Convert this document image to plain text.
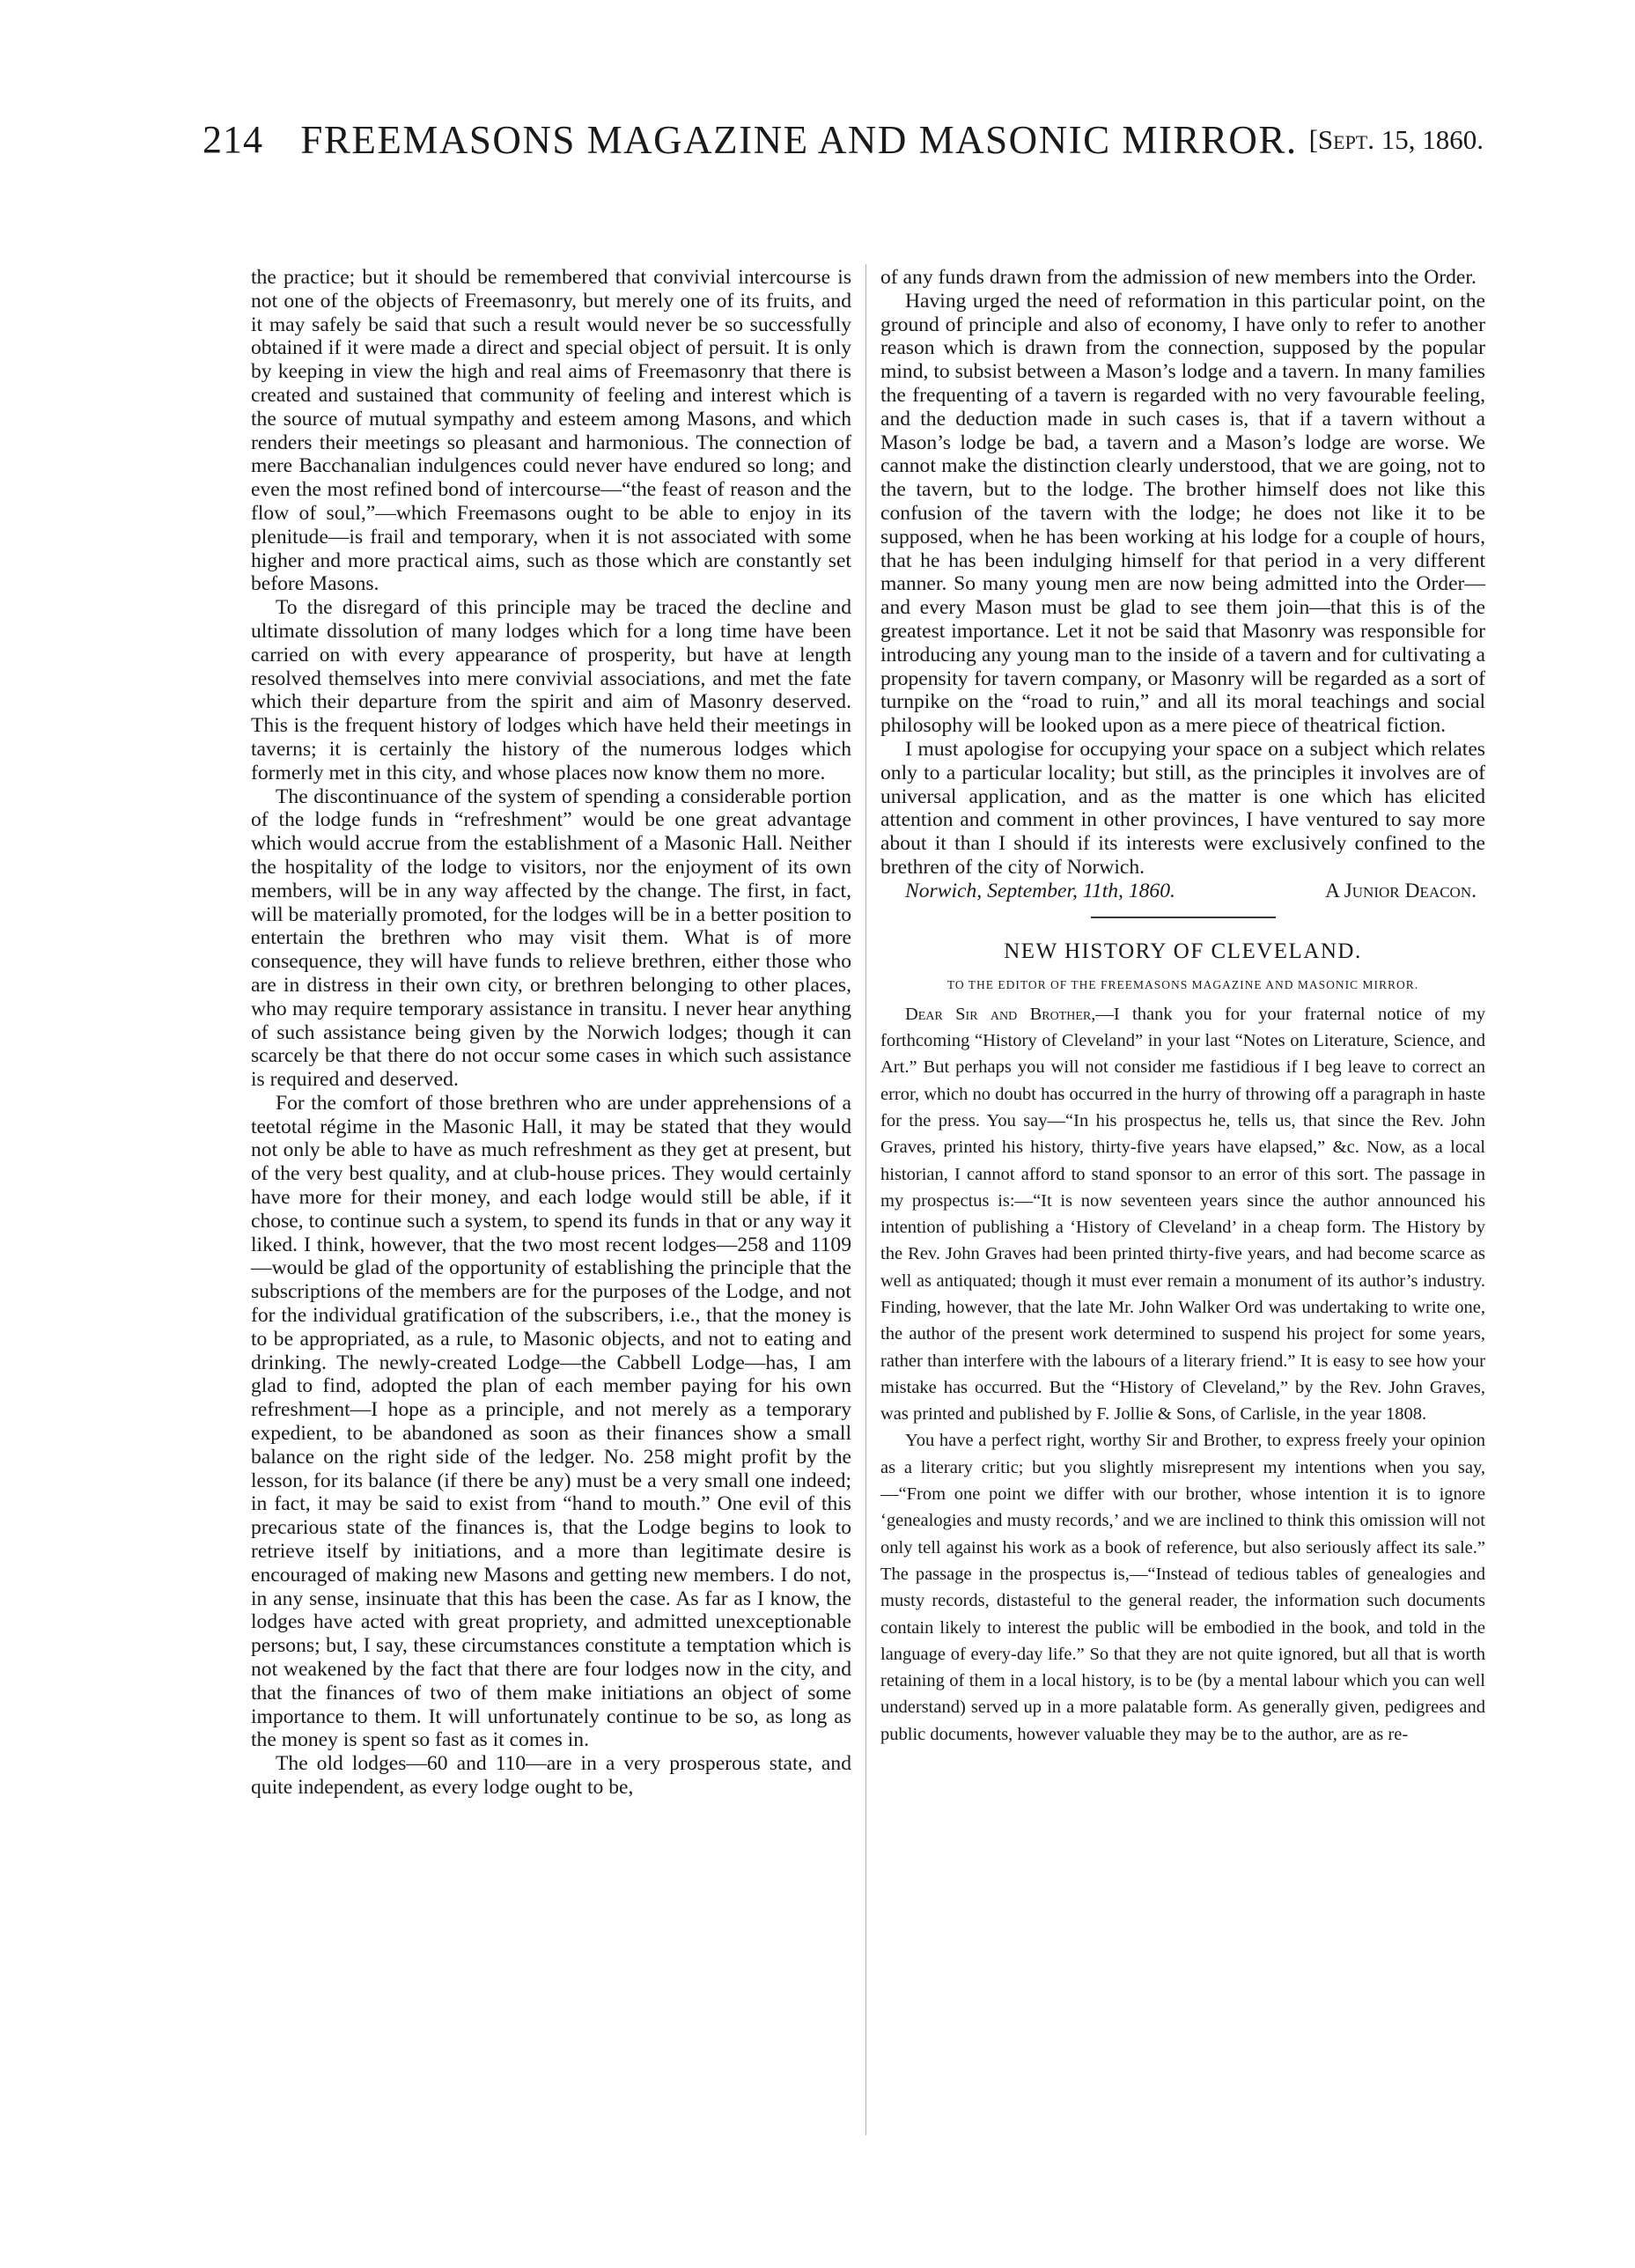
214 FREEMASONS MAGAZINE AND MASONIC MIRROR. [Sept. 15, 1860.

the practice; but it should be remembered that convivial intercourse is not one of the objects of Freemasonry, but merely one of its fruits, and it may safely be said that such a result would never be so successfully obtained if it were made a direct and special object of persuit. It is only by keeping in view the high and real aims of Freemasonry that there is created and sustained that community of feeling and interest which is the source of mutual sympathy and esteem among Masons, and which renders their meetings so pleasant and harmonious. The connection of mere Bacchanalian indulgences could never have endured so long; and even the most refined bond of intercourse—“the feast of reason and the flow of soul,”—which Freemasons ought to be able to enjoy in its plenitude—is frail and temporary, when it is not associated with some higher and more practical aims, such as those which are constantly set before Masons.

To the disregard of this principle may be traced the decline and ultimate dissolution of many lodges which for a long time have been carried on with every appearance of prosperity, but have at length resolved themselves into mere convivial associations, and met the fate which their departure from the spirit and aim of Masonry deserved. This is the frequent history of lodges which have held their meetings in taverns; it is certainly the history of the numerous lodges which formerly met in this city, and whose places now know them no more.

The discontinuance of the system of spending a considerable portion of the lodge funds in “refreshment” would be one great advantage which would accrue from the establishment of a Masonic Hall. Neither the hospitality of the lodge to visitors, nor the enjoyment of its own members, will be in any way affected by the change. The first, in fact, will be materially promoted, for the lodges will be in a better position to entertain the brethren who may visit them. What is of more consequence, they will have funds to relieve brethren, either those who are in distress in their own city, or brethren belonging to other places, who may require temporary assistance in transitu. I never hear anything of such assistance being given by the Norwich lodges; though it can scarcely be that there do not occur some cases in which such assistance is required and deserved.

For the comfort of those brethren who are under apprehensions of a teetotal régime in the Masonic Hall, it may be stated that they would not only be able to have as much refreshment as they get at present, but of the very best quality, and at club-house prices. They would certainly have more for their money, and each lodge would still be able, if it chose, to continue such a system, to spend its funds in that or any way it liked. I think, however, that the two most recent lodges—258 and 1109—would be glad of the opportunity of establishing the principle that the subscriptions of the members are for the purposes of the Lodge, and not for the individual gratification of the subscribers, i.e., that the money is to be appropriated, as a rule, to Masonic objects, and not to eating and drinking. The newly-created Lodge—the Cabbell Lodge—has, I am glad to find, adopted the plan of each member paying for his own refreshment—I hope as a principle, and not merely as a temporary expedient, to be abandoned as soon as their finances show a small balance on the right side of the ledger. No. 258 might profit by the lesson, for its balance (if there be any) must be a very small one indeed; in fact, it may be said to exist from “hand to mouth.” One evil of this precarious state of the finances is, that the Lodge begins to look to retrieve itself by initiations, and a more than legitimate desire is encouraged of making new Masons and getting new members. I do not, in any sense, insinuate that this has been the case. As far as I know, the lodges have acted with great propriety, and admitted unexceptionable persons; but, I say, these circumstances constitute a temptation which is not weakened by the fact that there are four lodges now in the city, and that the finances of two of them make initiations an object of some importance to them. It will unfortunately continue to be so, as long as the money is spent so fast as it comes in.

The old lodges—60 and 110—are in a very prosperous state, and quite independent, as every lodge ought to be,

of any funds drawn from the admission of new members into the Order.

Having urged the need of reformation in this particular point, on the ground of principle and also of economy, I have only to refer to another reason which is drawn from the connection, supposed by the popular mind, to subsist between a Mason’s lodge and a tavern. In many families the frequenting of a tavern is regarded with no very favourable feeling, and the deduction made in such cases is, that if a tavern without a Mason’s lodge be bad, a tavern and a Mason’s lodge are worse. We cannot make the distinction clearly understood, that we are going, not to the tavern, but to the lodge. The brother himself does not like this confusion of the tavern with the lodge; he does not like it to be supposed, when he has been working at his lodge for a couple of hours, that he has been indulging himself for that period in a very different manner. So many young men are now being admitted into the Order—and every Mason must be glad to see them join—that this is of the greatest importance. Let it not be said that Masonry was responsible for introducing any young man to the inside of a tavern and for cultivating a propensity for tavern company, or Masonry will be regarded as a sort of turnpike on the “road to ruin,” and all its moral teachings and social philosophy will be looked upon as a mere piece of theatrical fiction.

I must apologise for occupying your space on a subject which relates only to a particular locality; but still, as the principles it involves are of universal application, and as the matter is one which has elicited attention and comment in other provinces, I have ventured to say more about it than I should if its interests were exclusively confined to the brethren of the city of Norwich.

Norwich, September, 11th, 1860.	A Junior Deacon.
NEW HISTORY OF CLEVELAND.
TO THE EDITOR OF THE FREEMASONS MAGAZINE AND MASONIC MIRROR.

Dear Sir and Brother,—I thank you for your fraternal notice of my forthcoming “History of Cleveland” in your last “Notes on Literature, Science, and Art.” But perhaps you will not consider me fastidious if I beg leave to correct an error, which no doubt has occurred in the hurry of throwing off a paragraph in haste for the press. You say—“In his prospectus he, tells us, that since the Rev. John Graves, printed his history, thirty-five years have elapsed,” &c. Now, as a local historian, I cannot afford to stand sponsor to an error of this sort. The passage in my prospectus is:—“It is now seventeen years since the author announced his intention of publishing a ‘History of Cleveland’ in a cheap form. The History by the Rev. John Graves had been printed thirty-five years, and had become scarce as well as antiquated; though it must ever remain a monument of its author’s industry. Finding, however, that the late Mr. John Walker Ord was undertaking to write one, the author of the present work determined to suspend his project for some years, rather than interfere with the labours of a literary friend.” It is easy to see how your mistake has occurred. But the “History of Cleveland,” by the Rev. John Graves, was printed and published by F. Jollie & Sons, of Carlisle, in the year 1808.

You have a perfect right, worthy Sir and Brother, to express freely your opinion as a literary critic; but you slightly misrepresent my intentions when you say,—“From one point we differ with our brother, whose intention it is to ignore ‘genealogies and musty records,’ and we are inclined to think this omission will not only tell against his work as a book of reference, but also seriously affect its sale.” The passage in the prospectus is,—“Instead of tedious tables of genealogies and musty records, distasteful to the general reader, the information such documents contain likely to interest the public will be embodied in the book, and told in the language of every-day life.” So that they are not quite ignored, but all that is worth retaining of them in a local history, is to be (by a mental labour which you can well understand) served up in a more palatable form. As generally given, pedigrees and public documents, however valuable they may be to the author, are as re-
